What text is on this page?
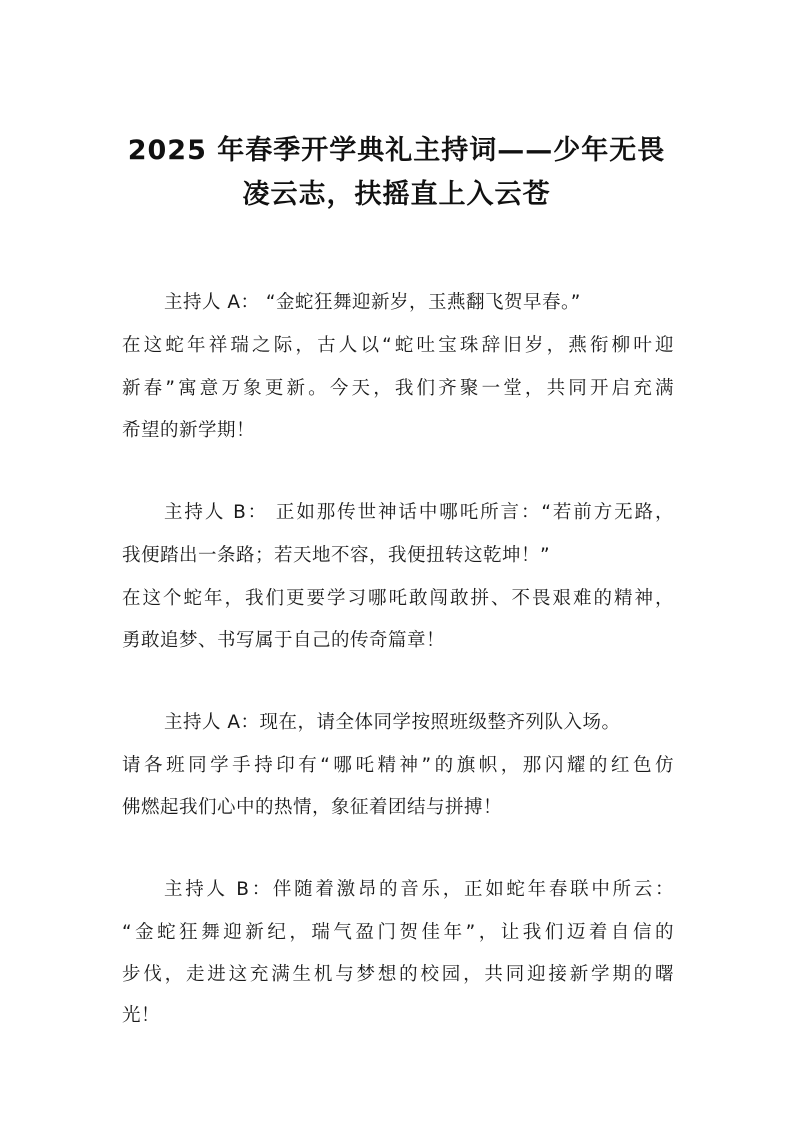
2025 年春季开学典礼主持词——少年无畏
凌云志，扶摇直上入云苍
主持人 A： “金蛇狂舞迎新岁，玉燕翻飞贺早春。”
在这蛇年祥瑞之际，古人以“蛇吐宝珠辞旧岁，燕衔柳叶迎
新春”寓意万象更新。今天，我们齐聚一堂，共同开启充满
希望的新学期！
主持人 B： 正如那传世神话中哪吒所言：“若前方无路，
我便踏出一条路；若天地不容，我便扭转这乾坤！”
在这个蛇年，我们更要学习哪吒敢闯敢拼、不畏艰难的精神，
勇敢追梦、书写属于自己的传奇篇章！
主持人 A：现在，请全体同学按照班级整齐列队入场。
请各班同学手持印有“哪吒精神”的旗帜，那闪耀的红色仿
佛燃起我们心中的热情，象征着团结与拼搏！
主持人 B：伴随着激昂的音乐，正如蛇年春联中所云：
“金蛇狂舞迎新纪，瑞气盈门贺佳年”，让我们迈着自信的
步伐，走进这充满生机与梦想的校园，共同迎接新学期的曙
光！
